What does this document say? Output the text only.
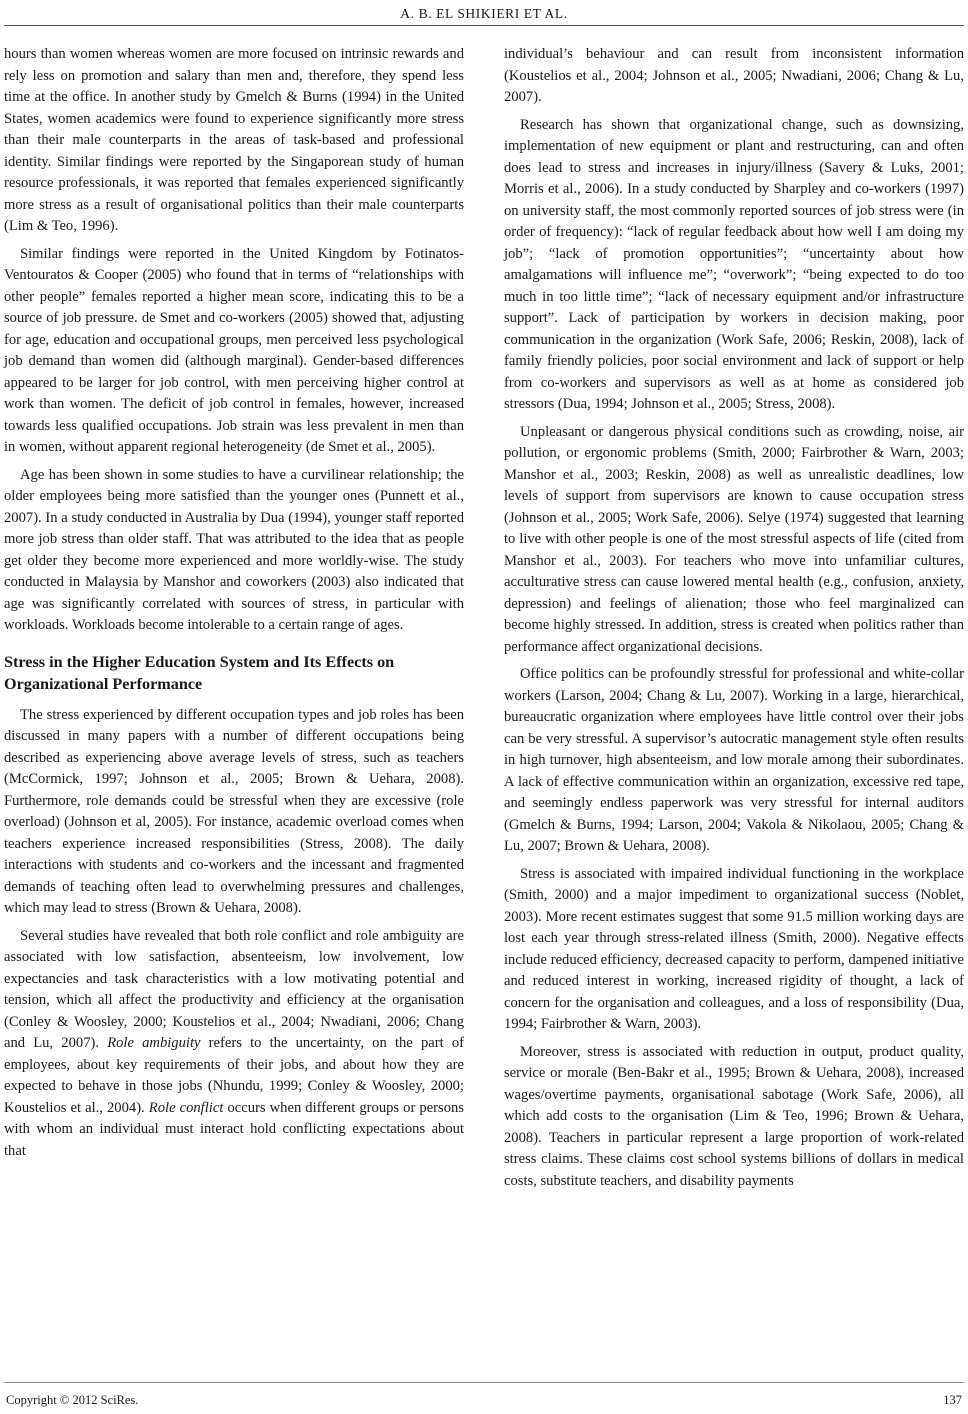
A. B. EL SHIKIERI ET AL.

hours than women whereas women are more focused on intrinsic rewards and rely less on promotion and salary than men and, therefore, they spend less time at the office. In another study by Gmelch & Burns (1994) in the United States, women academics were found to experience significantly more stress than their male counterparts in the areas of task-based and professional identity. Similar findings were reported by the Singaporean study of human resource professionals, it was reported that females experienced significantly more stress as a result of organisational politics than their male counterparts (Lim & Teo, 1996).

Similar findings were reported in the United Kingdom by Fotinatos-Ventouratos & Cooper (2005) who found that in terms of “relationships with other people” females reported a higher mean score, indicating this to be a source of job pressure. de Smet and co-workers (2005) showed that, adjusting for age, education and occupational groups, men perceived less psychological job demand than women did (although marginal). Gender-based differences appeared to be larger for job control, with men perceiving higher control at work than women. The deficit of job control in females, however, increased towards less qualified occupations. Job strain was less prevalent in men than in women, without apparent regional heterogeneity (de Smet et al., 2005).

Age has been shown in some studies to have a curvilinear relationship; the older employees being more satisfied than the younger ones (Punnett et al., 2007). In a study conducted in Australia by Dua (1994), younger staff reported more job stress than older staff. That was attributed to the idea that as people get older they become more experienced and more worldly-wise. The study conducted in Malaysia by Manshor and coworkers (2003) also indicated that age was significantly correlated with sources of stress, in particular with workloads. Workloads become intolerable to a certain range of ages.

Stress in the Higher Education System and Its Effects on Organizational Performance

The stress experienced by different occupation types and job roles has been discussed in many papers with a number of different occupations being described as experiencing above average levels of stress, such as teachers (McCormick, 1997; Johnson et al., 2005; Brown & Uehara, 2008). Furthermore, role demands could be stressful when they are excessive (role overload) (Johnson et al, 2005). For instance, academic overload comes when teachers experience increased responsibilities (Stress, 2008). The daily interactions with students and co-workers and the incessant and fragmented demands of teaching often lead to overwhelming pressures and challenges, which may lead to stress (Brown & Uehara, 2008).

Several studies have revealed that both role conflict and role ambiguity are associated with low satisfaction, absenteeism, low involvement, low expectancies and task characteristics with a low motivating potential and tension, which all affect the productivity and efficiency at the organisation (Conley & Woosley, 2000; Koustelios et al., 2004; Nwadiani, 2006; Chang and Lu, 2007). Role ambiguity refers to the uncertainty, on the part of employees, about key requirements of their jobs, and about how they are expected to behave in those jobs (Nhundu, 1999; Conley & Woosley, 2000; Koustelios et al., 2004). Role conflict occurs when different groups or persons with whom an individual must interact hold conflicting expectations about that

individual’s behaviour and can result from inconsistent information (Koustelios et al., 2004; Johnson et al., 2005; Nwadiani, 2006; Chang & Lu, 2007).

Research has shown that organizational change, such as downsizing, implementation of new equipment or plant and restructuring, can and often does lead to stress and increases in injury/illness (Savery & Luks, 2001; Morris et al., 2006). In a study conducted by Sharpley and co-workers (1997) on university staff, the most commonly reported sources of job stress were (in order of frequency): “lack of regular feedback about how well I am doing my job”; “lack of promotion opportunities”; “uncertainty about how amalgamations will influence me”; “overwork”; “being expected to do too much in too little time”; “lack of necessary equipment and/or infrastructure support”. Lack of participation by workers in decision making, poor communication in the organization (Work Safe, 2006; Reskin, 2008), lack of family friendly policies, poor social environment and lack of support or help from co-workers and supervisors as well as at home as considered job stressors (Dua, 1994; Johnson et al., 2005; Stress, 2008).

Unpleasant or dangerous physical conditions such as crowding, noise, air pollution, or ergonomic problems (Smith, 2000; Fairbrother & Warn, 2003; Manshor et al., 2003; Reskin, 2008) as well as unrealistic deadlines, low levels of support from supervisors are known to cause occupation stress (Johnson et al., 2005; Work Safe, 2006). Selye (1974) suggested that learning to live with other people is one of the most stressful aspects of life (cited from Manshor et al., 2003). For teachers who move into unfamiliar cultures, acculturative stress can cause lowered mental health (e.g., confusion, anxiety, depression) and feelings of alienation; those who feel marginalized can become highly stressed. In addition, stress is created when politics rather than performance affect organizational decisions.

Office politics can be profoundly stressful for professional and white-collar workers (Larson, 2004; Chang & Lu, 2007). Working in a large, hierarchical, bureaucratic organization where employees have little control over their jobs can be very stressful. A supervisor’s autocratic management style often results in high turnover, high absenteeism, and low morale among their subordinates. A lack of effective communication within an organization, excessive red tape, and seemingly endless paperwork was very stressful for internal auditors (Gmelch & Burns, 1994; Larson, 2004; Vakola & Nikolaou, 2005; Chang & Lu, 2007; Brown & Uehara, 2008).

Stress is associated with impaired individual functioning in the workplace (Smith, 2000) and a major impediment to organizational success (Noblet, 2003). More recent estimates suggest that some 91.5 million working days are lost each year through stress-related illness (Smith, 2000). Negative effects include reduced efficiency, decreased capacity to perform, dampened initiative and reduced interest in working, increased rigidity of thought, a lack of concern for the organisation and colleagues, and a loss of responsibility (Dua, 1994; Fairbrother & Warn, 2003).

Moreover, stress is associated with reduction in output, product quality, service or morale (Ben-Bakr et al., 1995; Brown & Uehara, 2008), increased wages/overtime payments, organisational sabotage (Work Safe, 2006), all which add costs to the organisation (Lim & Teo, 1996; Brown & Uehara, 2008). Teachers in particular represent a large proportion of work-related stress claims. These claims cost school systems billions of dollars in medical costs, substitute teachers, and disability payments

Copyright © 2012 SciRes.	137
